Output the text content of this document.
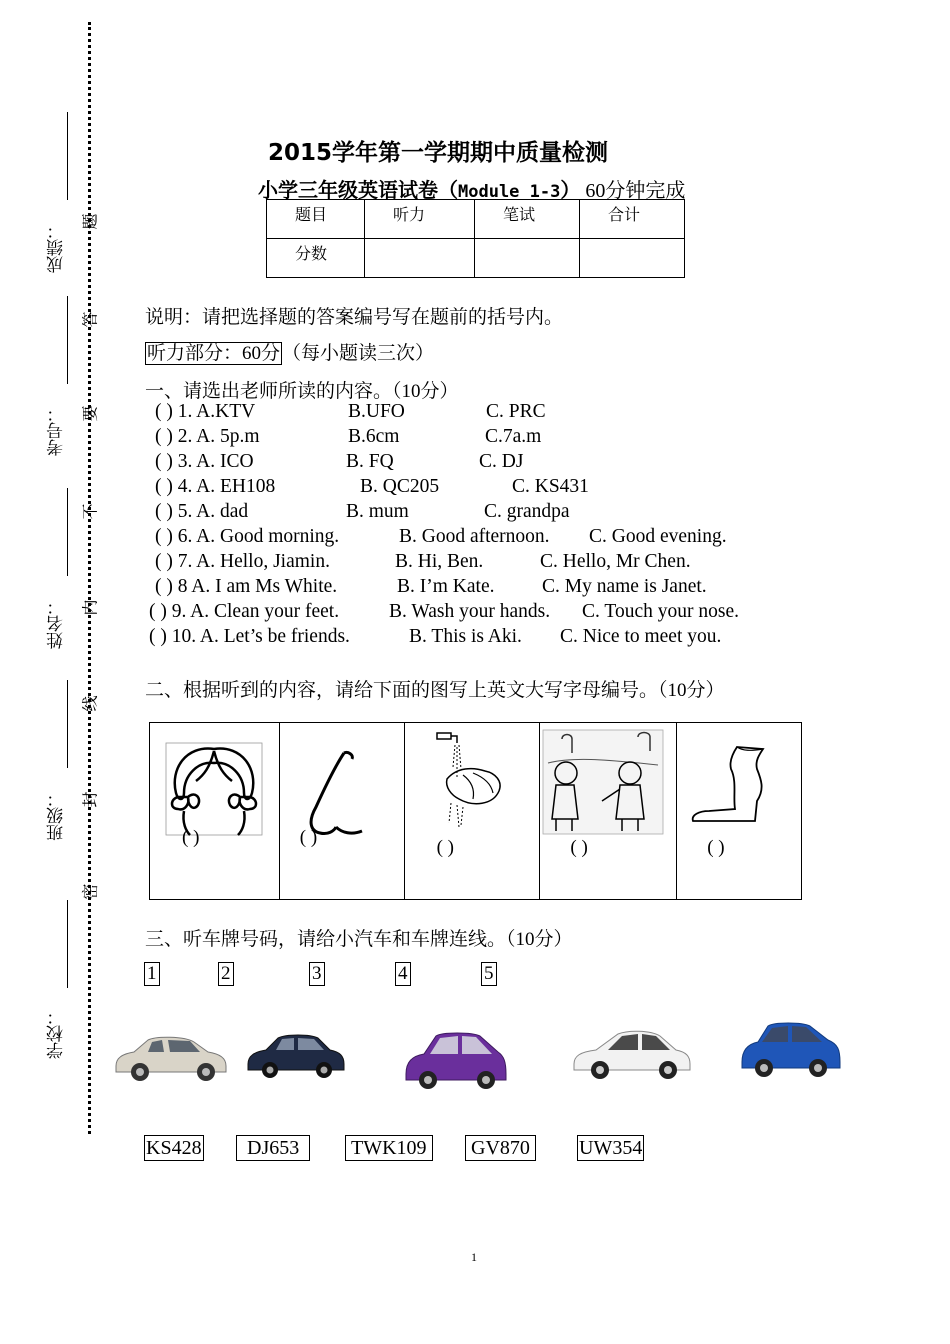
成绩：
考号：
姓名：
班级：
学校：
题
答
要
不
内
线
封
密
2015学年第一学期期中质量检测
小学三年级英语试卷（Module 1-3） 60分钟完成
题目	听力	笔试	合计
分数			
说明：请把选择题的答案编号写在题前的括号内。
听力部分：60分 （每小题读三次）
一、请选出老师所读的内容。（10分）
( ) 1. A.KTV	B.UFO	C. PRC
( ) 2. A. 5p.m	B.6cm	C.7a.m
( ) 3. A. ICO	B. FQ	C. DJ
( ) 4. A. EH108	B. QC205	C. KS431
( ) 5. A. dad	B. mum	C. grandpa
( ) 6. A. Good morning.	B. Good afternoon. C. Good evening.
( ) 7. A. Hello, Jiamin.	B. Hi, Ben.	C. Hello, Mr Chen.
( ) 8 A. I am Ms White.	B. I’m Kate. C. My name is Janet.
( ) 9. A. Clean your feet.	B. Wash your hands. C. Touch your nose.
( ) 10. A. Let’s be friends.	B. This is Aki. C. Nice to meet you.
二、根据听到的内容，请给下面的图写上英文大写字母编号。（10分）
( )	( )	( )	( )	( )
三、听车牌号码，请给小汽车和车牌连线。（10分）
1	2	3	4	5
KS428	DJ653	TWK109	GV870	UW354
1
